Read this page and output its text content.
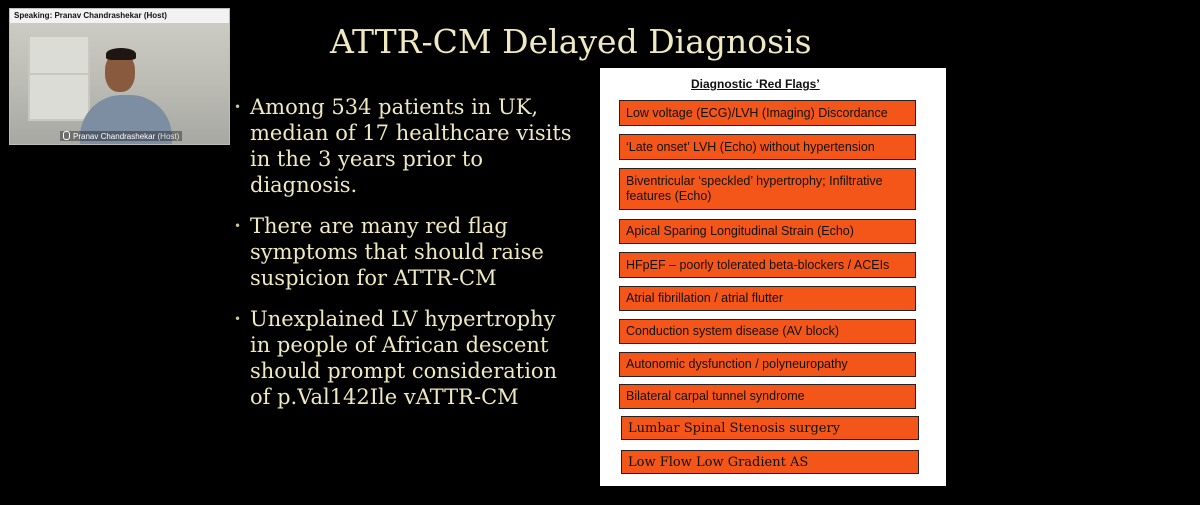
Speaking: Pranav Chandrashekar (Host)
Pranav Chandrashekar (Host)
ATTR-CM Delayed Diagnosis
• Among 534 patients in UK, median of 17 healthcare visits in the 3 years prior to diagnosis.
• There are many red flag symptoms that should raise suspicion for ATTR-CM
• Unexplained LV hypertrophy in people of African descent should prompt consideration of p.Val142Ile vATTR-CM
Diagnostic ‘Red Flags’
Low voltage (ECG)/LVH (Imaging) Discordance
‘Late onset’ LVH (Echo) without hypertension
Biventricular ‘speckled’ hypertrophy; Infiltrative features (Echo)
Apical Sparing Longitudinal Strain (Echo)
HFpEF – poorly tolerated beta-blockers / ACEIs
Atrial fibrillation / atrial flutter
Conduction system disease (AV block)
Autonomic dysfunction / polyneuropathy
Bilateral carpal tunnel syndrome
Lumbar Spinal Stenosis surgery
Low Flow Low Gradient AS
